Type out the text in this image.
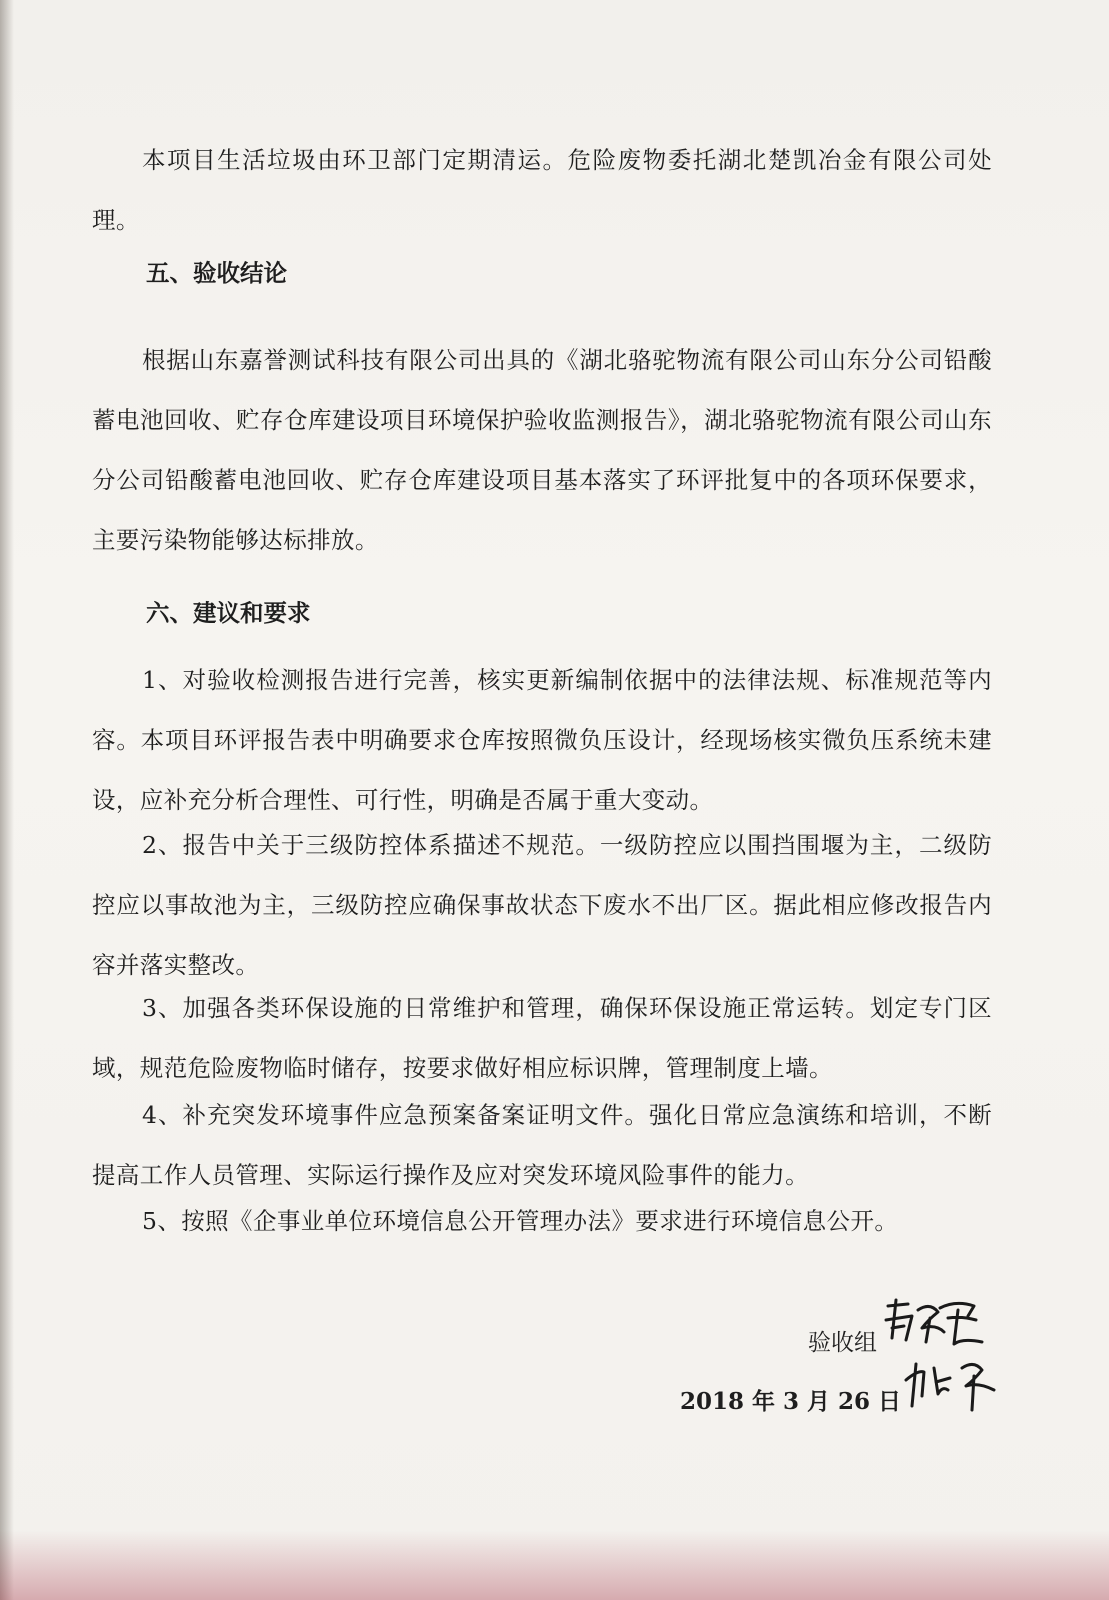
本项目生活垃圾由环卫部门定期清运。危险废物委托湖北楚凯冶金有限公司处理。

五、验收结论

根据山东嘉誉测试科技有限公司出具的《湖北骆驼物流有限公司山东分公司铅酸蓄电池回收、贮存仓库建设项目环境保护验收监测报告》，湖北骆驼物流有限公司山东分公司铅酸蓄电池回收、贮存仓库建设项目基本落实了环评批复中的各项环保要求，主要污染物能够达标排放。

六、建议和要求

1、对验收检测报告进行完善，核实更新编制依据中的法律法规、标准规范等内容。本项目环评报告表中明确要求仓库按照微负压设计，经现场核实微负压系统未建设，应补充分析合理性、可行性，明确是否属于重大变动。

2、报告中关于三级防控体系描述不规范。一级防控应以围挡围堰为主，二级防控应以事故池为主，三级防控应确保事故状态下废水不出厂区。据此相应修改报告内容并落实整改。

3、加强各类环保设施的日常维护和管理，确保环保设施正常运转。划定专门区域，规范危险废物临时储存，按要求做好相应标识牌，管理制度上墙。

4、补充突发环境事件应急预案备案证明文件。强化日常应急演练和培训，不断提高工作人员管理、实际运行操作及应对突发环境风险事件的能力。

5、按照《企事业单位环境信息公开管理办法》要求进行环境信息公开。

验收组
2018 年 3 月 26 日
